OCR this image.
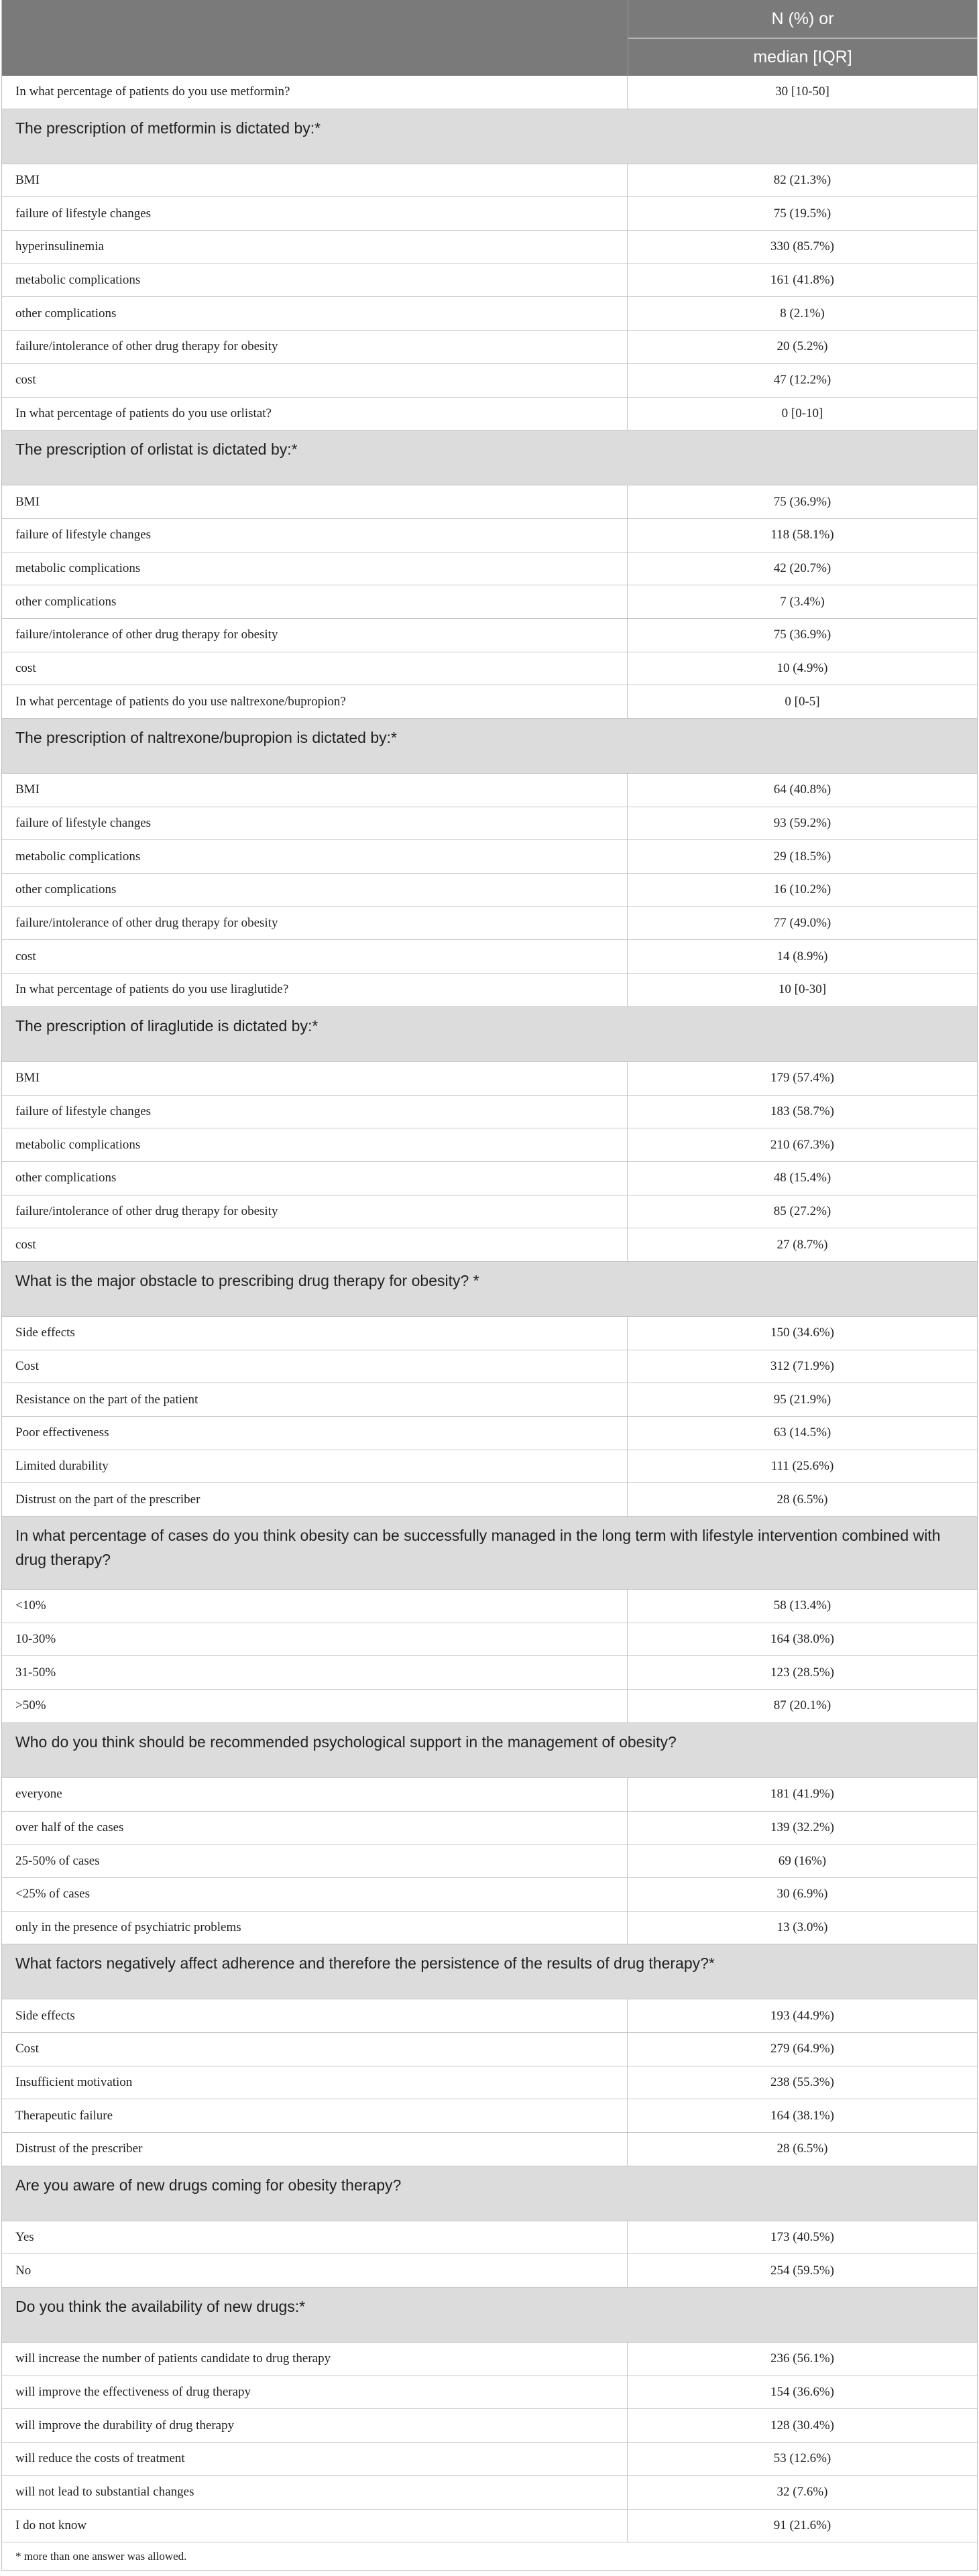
N (%) or
median [IQR]
In what percentage of patients do you use metformin?	30 [10-50]
The prescription of metformin is dictated by:*
BMI	82 (21.3%)
failure of lifestyle changes	75 (19.5%)
hyperinsulinemia	330 (85.7%)
metabolic complications	161 (41.8%)
other complications	8 (2.1%)
failure/intolerance of other drug therapy for obesity	20 (5.2%)
cost	47 (12.2%)
In what percentage of patients do you use orlistat?	0 [0-10]
The prescription of orlistat is dictated by:*
BMI	75 (36.9%)
failure of lifestyle changes	118 (58.1%)
metabolic complications	42 (20.7%)
other complications	7 (3.4%)
failure/intolerance of other drug therapy for obesity	75 (36.9%)
cost	10 (4.9%)
In what percentage of patients do you use naltrexone/bupropion?	0 [0-5]
The prescription of naltrexone/bupropion is dictated by:*
BMI	64 (40.8%)
failure of lifestyle changes	93 (59.2%)
metabolic complications	29 (18.5%)
other complications	16 (10.2%)
failure/intolerance of other drug therapy for obesity	77 (49.0%)
cost	14 (8.9%)
In what percentage of patients do you use liraglutide?	10 [0-30]
The prescription of liraglutide is dictated by:*
BMI	179 (57.4%)
failure of lifestyle changes	183 (58.7%)
metabolic complications	210 (67.3%)
other complications	48 (15.4%)
failure/intolerance of other drug therapy for obesity	85 (27.2%)
cost	27 (8.7%)
What is the major obstacle to prescribing drug therapy for obesity? *
Side effects	150 (34.6%)
Cost	312 (71.9%)
Resistance on the part of the patient	95 (21.9%)
Poor effectiveness	63 (14.5%)
Limited durability	111 (25.6%)
Distrust on the part of the prescriber	28 (6.5%)
In what percentage of cases do you think obesity can be successfully managed in the long term with lifestyle intervention combined with drug therapy?
<10%	58 (13.4%)
10-30%	164 (38.0%)
31-50%	123 (28.5%)
>50%	87 (20.1%)
Who do you think should be recommended psychological support in the management of obesity?
everyone	181 (41.9%)
over half of the cases	139 (32.2%)
25-50% of cases	69 (16%)
<25% of cases	30 (6.9%)
only in the presence of psychiatric problems	13 (3.0%)
What factors negatively affect adherence and therefore the persistence of the results of drug therapy?*
Side effects	193 (44.9%)
Cost	279 (64.9%)
Insufficient motivation	238 (55.3%)
Therapeutic failure	164 (38.1%)
Distrust of the prescriber	28 (6.5%)
Are you aware of new drugs coming for obesity therapy?
Yes	173 (40.5%)
No	254 (59.5%)
Do you think the availability of new drugs:*
will increase the number of patients candidate to drug therapy	236 (56.1%)
will improve the effectiveness of drug therapy	154 (36.6%)
will improve the durability of drug therapy	128 (30.4%)
will reduce the costs of treatment	53 (12.6%)
will not lead to substantial changes	32 (7.6%)
I do not know	91 (21.6%)
* more than one answer was allowed.
